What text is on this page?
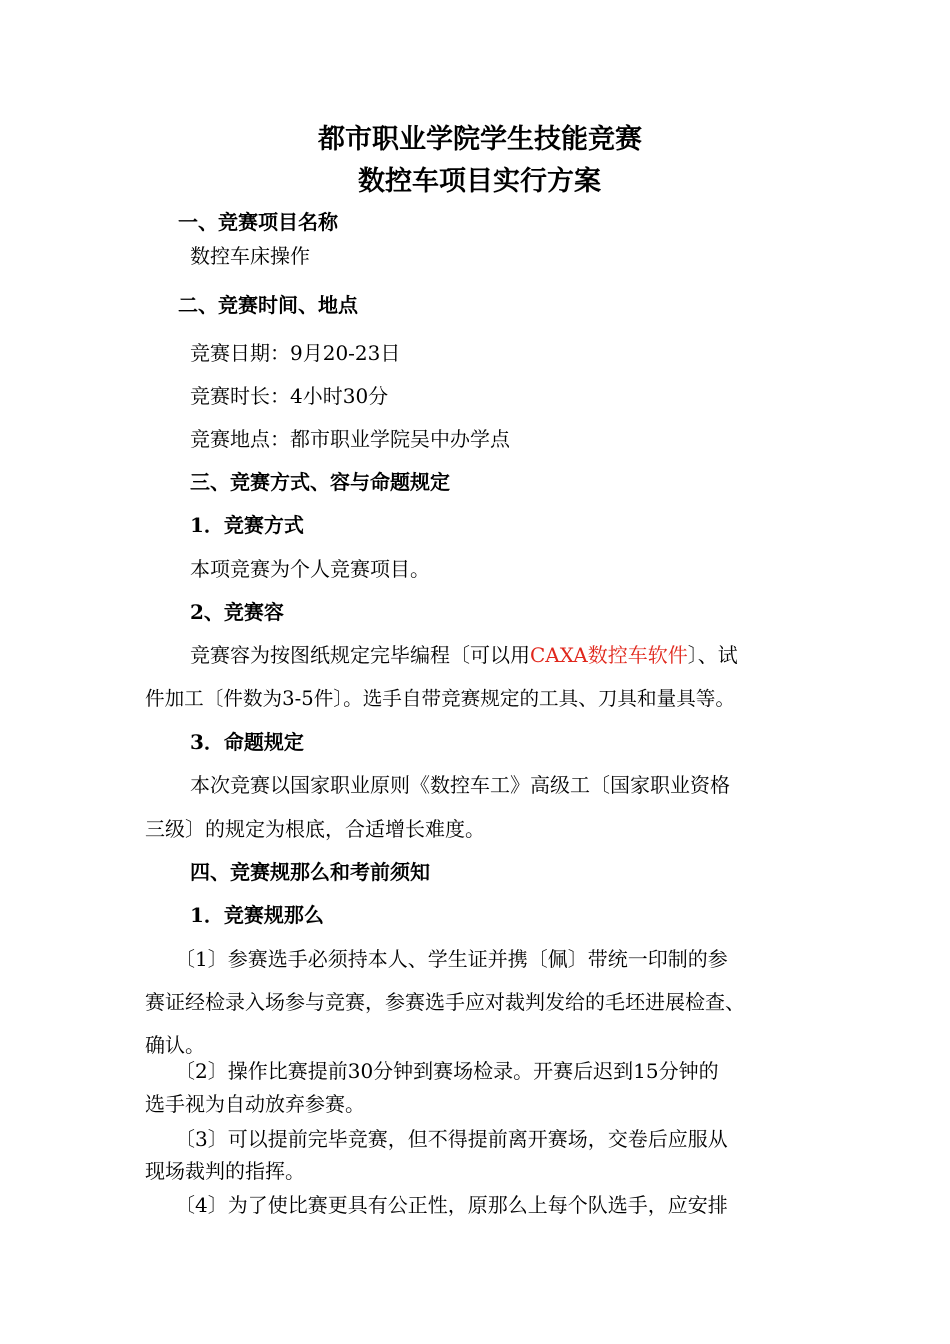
都市职业学院学生技能竞赛
数控车项目实行方案
一、竞赛项目名称
数控车床操作
二、竞赛时间、地点
竞赛日期：9月20-23日
竞赛时长：4小时30分
竞赛地点：都市职业学院吴中办学点
三、竞赛方式、容与命题规定
1．竞赛方式
本项竞赛为个人竞赛项目。
2、竞赛容
竞赛容为按图纸规定完毕编程〔可以用CAXA数控车软件〕、试
件加工〔件数为3-5件〕。选手自带竞赛规定的工具、刀具和量具等。
3．命题规定
本次竞赛以国家职业原则《数控车工》高级工〔国家职业资格
三级〕的规定为根底，合适增长难度。
四、竞赛规那么和考前须知
1．竞赛规那么
〔1〕参赛选手必须持本人、学生证并携〔佩〕带统一印制的参
赛证经检录入场参与竞赛，参赛选手应对裁判发给的毛坯进展检查、
确认。
〔2〕操作比赛提前30分钟到赛场检录。开赛后迟到15分钟的
选手视为自动放弃参赛。
〔3〕可以提前完毕竞赛，但不得提前离开赛场，交卷后应服从
现场裁判的指挥。
〔4〕为了使比赛更具有公正性，原那么上每个队选手，应安排
